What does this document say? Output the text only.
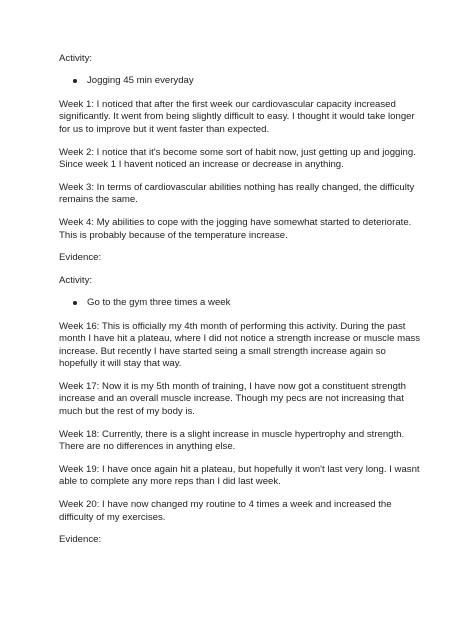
Activity:

Jogging 45 min everyday

Week 1: I noticed that after the first week our cardiovascular capacity increased significantly. It went from being slightly difficult to easy. I thought it would take longer for us to improve but it went faster than expected.

Week 2: I notice that it's become some sort of habit now, just getting up and jogging. Since week 1 I havent noticed an increase or decrease in anything.

Week 3: In terms of cardiovascular abilities nothing has really changed, the difficulty remains the same.

Week 4: My abilities to cope with the jogging have somewhat started to deteriorate. This is probably because of the temperature increase.

Evidence:

Activity:

Go to the gym three times a week

Week 16: This is officially my 4th month of performing this activity. During the past month I have hit a plateau, where I did not notice a strength increase or muscle mass increase. But recently I have started seing a small strength increase again so hopefully it will stay that way.

Week 17: Now it is my 5th month of training, I have now got a constituent strength increase and an overall muscle increase. Though my pecs are not increasing that much but the rest of my body is.

Week 18: Currently, there is a slight increase in muscle hypertrophy and strength. There are no differences in anything else.

Week 19: I have once again hit a plateau, but hopefully it won't last very long. I wasnt able to complete any more reps than I did last week.

Week 20: I have now changed my routine to 4 times a week and increased the difficulty of my exercises.

Evidence:
